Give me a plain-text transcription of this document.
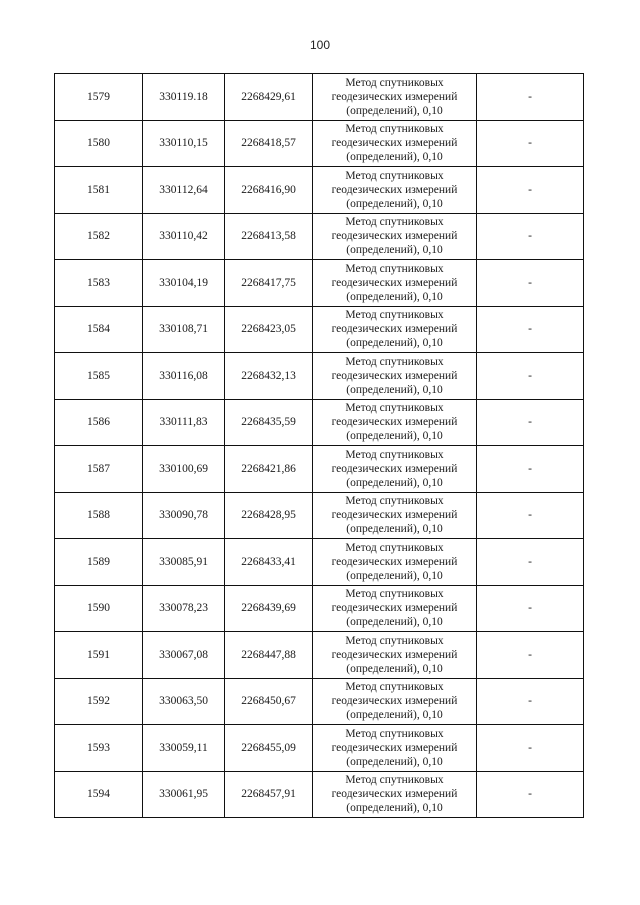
100
1579	330119.18	2268429,61	Метод спутниковых
геодезических измерений
(определений), 0,10	-
1580	330110,15	2268418,57	Метод спутниковых
геодезических измерений
(определений), 0,10	-
1581	330112,64	2268416,90	Метод спутниковых
геодезических измерений
(определений), 0,10	-
1582	330110,42	2268413,58	Метод спутниковых
геодезических измерений
(определений), 0,10	-
1583	330104,19	2268417,75	Метод спутниковых
геодезических измерений
(определений), 0,10	-
1584	330108,71	2268423,05	Метод спутниковых
геодезических измерений
(определений), 0,10	-
1585	330116,08	2268432,13	Метод спутниковых
геодезических измерений
(определений), 0,10	-
1586	330111,83	2268435,59	Метод спутниковых
геодезических измерений
(определений), 0,10	-
1587	330100,69	2268421,86	Метод спутниковых
геодезических измерений
(определений), 0,10	-
1588	330090,78	2268428,95	Метод спутниковых
геодезических измерений
(определений), 0,10	-
1589	330085,91	2268433,41	Метод спутниковых
геодезических измерений
(определений), 0,10	-
1590	330078,23	2268439,69	Метод спутниковых
геодезических измерений
(определений), 0,10	-
1591	330067,08	2268447,88	Метод спутниковых
геодезических измерений
(определений), 0,10	-
1592	330063,50	2268450,67	Метод спутниковых
геодезических измерений
(определений), 0,10	-
1593	330059,11	2268455,09	Метод спутниковых
геодезических измерений
(определений), 0,10	-
1594	330061,95	2268457,91	Метод спутниковых
геодезических измерений
(определений), 0,10	-
